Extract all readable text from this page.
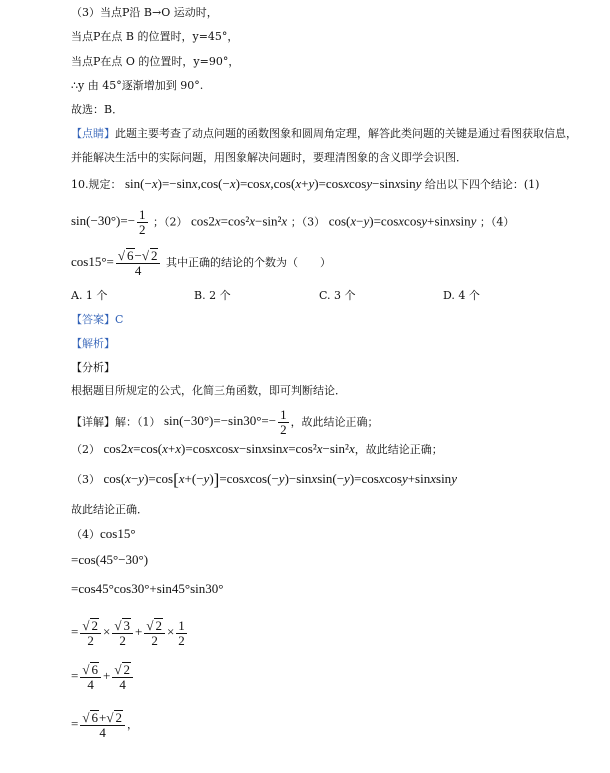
（3）当点P沿 B→O 运动时，
当点P在点 B 的位置时，y=45°，
当点P在点 O 的位置时，y=90°，
∴y 由 45°逐渐增加到 90°.
故选：B．
【点睛】此题主要考查了动点问题的函数图象和圆周角定理，解答此类问题的关键是通过看图获取信息，
并能解决生活中的实际问题，用图象解决问题时，要理清图象的含义即学会识图．
10.规定： sin(−x)=−sinx,cos(−x)=cosx,cos(x+y)=cosxcosy−sinxsiny 给出以下四个结论：(1)
$\sin(-30^\circ)=- \frac{1}{2}$ ；（2） cos2x=cos²x−sin²x ；（3） cos(x−y)=cosxcosy+sinxsiny ；（4）
$\cos 15^\circ= \frac{√ 6-√ 2}{4}$ 其中正确的结论的个数为（　　）
A. 1 个	B. 2 个	C. 3 个	D. 4 个
【答案】C
【解析】
【分析】
根据题目所规定的公式，化简三角函数，即可判断结论．
【详解】解：（1） $\sin(-30^\circ)=-\sin 30^\circ=- \frac{1}{2}$ ，故此结论正确；
（2） cos2x=cos(x+x)=cosxcosx−sinxsinx=cos²x−sin²x，故此结论正确；
（3） cos(x−y)=cos[x+(−y)]=cosxcos(−y)−sinxsin(−y)=cosxcosy+sinxsiny
故此结论正确．
（4）cos15°
=cos(45°−30°)
=cos45°cos30°+sin45°sin30°
= $\frac{√ 2}{2} \times \frac{√ 3}{2} + \frac{√ 2}{2} \times \frac{1}{2}$
= $\frac{√ 6}{4} + \frac{√ 2}{4}$
= $\frac{√ 6+√ 2}{4}$ ，
